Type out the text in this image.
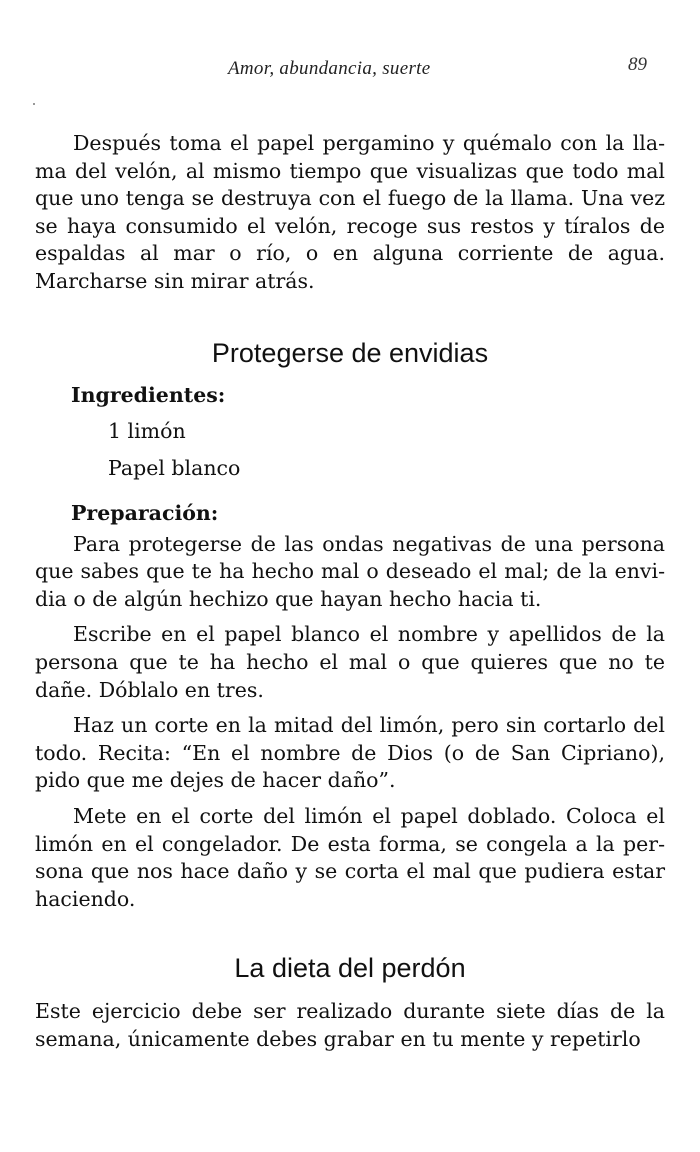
Amor, abundancia, suerte	89

Después toma el papel pergamino y quémalo con la llama del velón, al mismo tiempo que visualizas que todo mal que uno tenga se destruya con el fuego de la llama. Una vez se haya consumido el velón, recoge sus restos y tíralos de espaldas al mar o río, o en alguna corriente de agua. Marcharse sin mirar atrás.

Protegerse de envidias
Ingredientes:
1 limón
Papel blanco
Preparación:

Para protegerse de las ondas negativas de una persona que sabes que te ha hecho mal o deseado el mal; de la envidia o de algún hechizo que hayan hecho hacia ti.

Escribe en el papel blanco el nombre y apellidos de la persona que te ha hecho el mal o que quieres que no te dañe. Dóblalo en tres.

Haz un corte en la mitad del limón, pero sin cortarlo del todo. Recita: “En el nombre de Dios (o de San Cipriano), pido que me dejes de hacer daño”.

Mete en el corte del limón el papel doblado. Coloca el limón en el congelador. De esta forma, se congela a la persona que nos hace daño y se corta el mal que pudiera estar haciendo.

La dieta del perdón

Este ejercicio debe ser realizado durante siete días de la semana, únicamente debes grabar en tu mente y repetirlo
